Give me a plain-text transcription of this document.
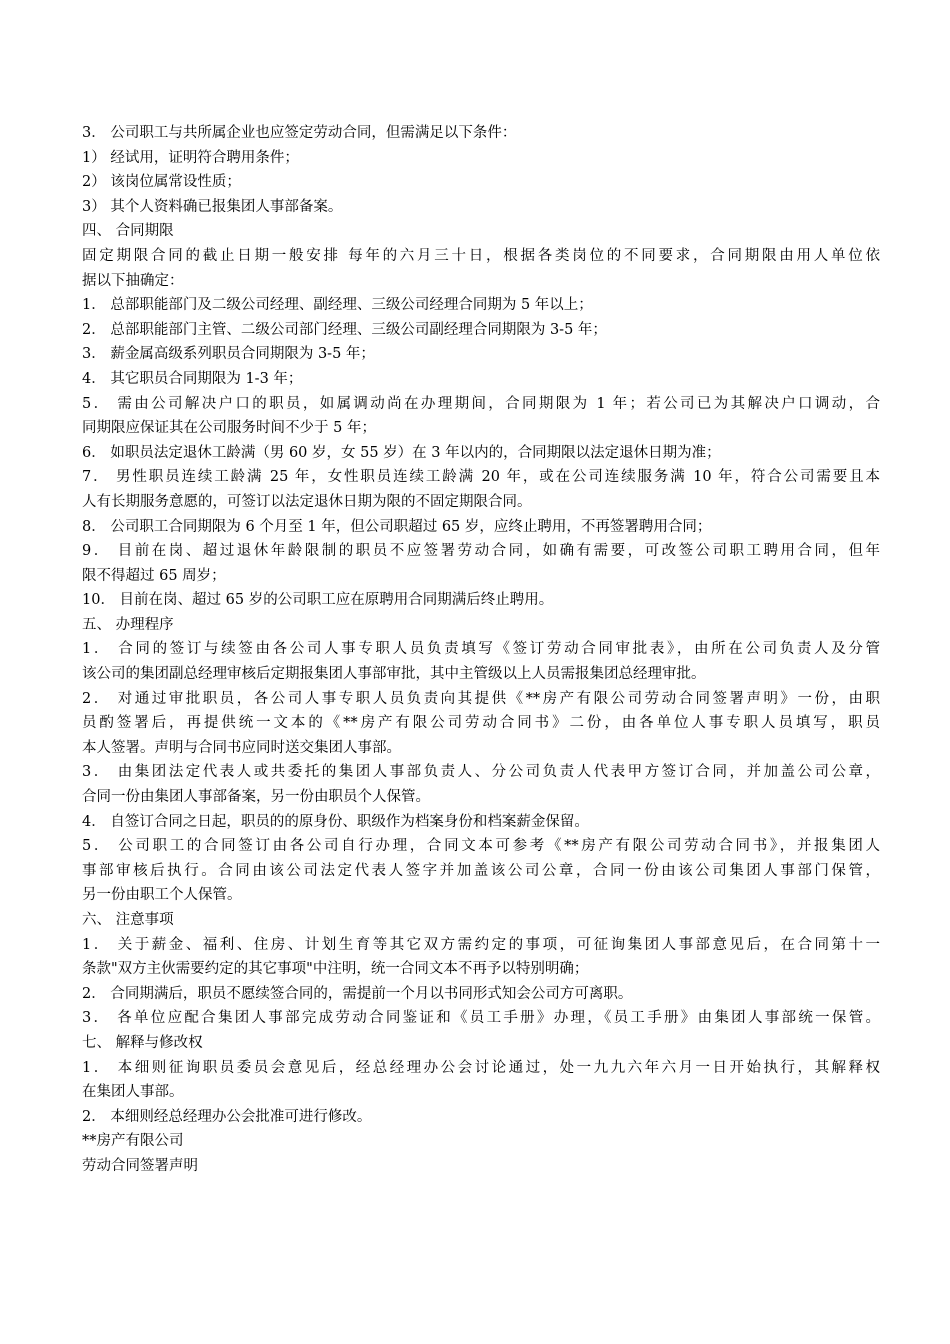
3． 公司职工与共所属企业也应签定劳动合同，但需满足以下条件：
1） 经试用，证明符合聘用条件；
2） 该岗位属常设性质；
3） 其个人资料确已报集团人事部备案。
四、 合同期限
固定期限合同的截止日期一般安排 每年的六月三十日，根据各类岗位的不同要求，合同期限由用人单位依
据以下抽确定：
1． 总部职能部门及二级公司经理、副经理、三级公司经理合同期为 5 年以上；
2． 总部职能部门主管、二级公司部门经理、三级公司副经理合同期限为 3-5 年；
3． 薪金属高级系列职员合同期限为 3-5 年；
4． 其它职员合同期限为 1-3 年；
5． 需由公司解决户口的职员，如属调动尚在办理期间，合同期限为 1 年；若公司已为其解决户口调动，合
同期限应保证其在公司服务时间不少于 5 年；
6． 如职员法定退休工龄满（男 60 岁，女 55 岁）在 3 年以内的，合同期限以法定退休日期为准；
7． 男性职员连续工龄满 25 年，女性职员连续工龄满 20 年，或在公司连续服务满 10 年，符合公司需要且本
人有长期服务意愿的，可签订以法定退休日期为限的不固定期限合同。
8． 公司职工合同期限为 6 个月至 1 年，但公司职超过 65 岁，应终止聘用，不再签署聘用合同；
9． 目前在岗、超过退休年龄限制的职员不应签署劳动合同，如确有需要，可改签公司职工聘用合同，但年
限不得超过 65 周岁；
10． 目前在岗、超过 65 岁的公司职工应在原聘用合同期满后终止聘用。
五、 办理程序
1． 合同的签订与续签由各公司人事专职人员负责填写《签订劳动合同审批表》，由所在公司负责人及分管
该公司的集团副总经理审核后定期报集团人事部审批，其中主管级以上人员需报集团总经理审批。
2． 对通过审批职员，各公司人事专职人员负责向其提供《**房产有限公司劳动合同签署声明》一份，由职
员酌签署后，再提供统一文本的《**房产有限公司劳动合同书》二份，由各单位人事专职人员填写，职员
本人签署。声明与合同书应同时送交集团人事部。
3． 由集团法定代表人或共委托的集团人事部负责人、分公司负责人代表甲方签订合同，并加盖公司公章，
合同一份由集团人事部备案，另一份由职员个人保管。
4． 自签订合同之日起，职员的的原身份、职级作为档案身份和档案薪金保留。
5． 公司职工的合同签订由各公司自行办理，合同文本可参考《**房产有限公司劳动合同书》，并报集团人
事部审核后执行。合同由该公司法定代表人签字并加盖该公司公章，合同一份由该公司集团人事部门保管，
另一份由职工个人保管。
六、 注意事项
1． 关于薪金、福利、住房、计划生育等其它双方需约定的事项，可征询集团人事部意见后，在合同第十一
条款"双方主伙需要约定的其它事项"中注明，统一合同文本不再予以特别明确；
2． 合同期满后，职员不愿续签合同的，需提前一个月以书同形式知会公司方可离职。
3． 各单位应配合集团人事部完成劳动合同鉴证和《员工手册》办理，《员工手册》由集团人事部统一保管。
七、 解释与修改权
1． 本细则征询职员委员会意见后，经总经理办公会讨论通过，处一九九六年六月一日开始执行，其解释权
在集团人事部。
2． 本细则经总经理办公会批准可进行修改。
**房产有限公司
劳动合同签署声明
